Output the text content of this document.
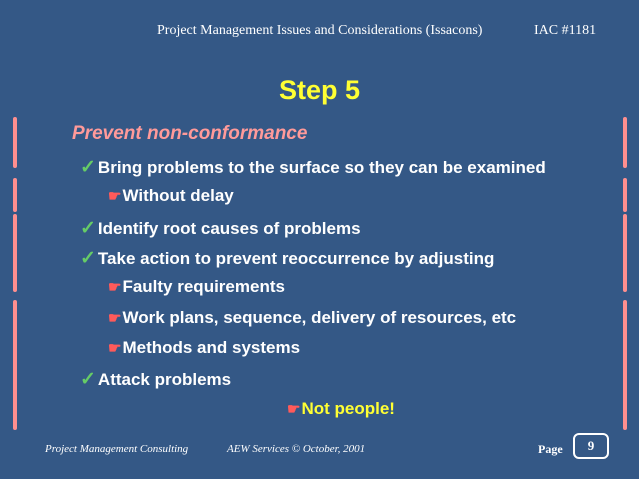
Project Management Issues and Considerations (Issacons)	IAC #1181
Step 5
Prevent non-conformance
✓ Bring problems to the surface so they can be examined
☛Without delay
✓ Identify root causes of problems
✓ Take action to prevent reoccurrence by adjusting
☛Faulty requirements
☛Work plans, sequence, delivery of resources, etc
☛Methods and systems
✓ Attack problems
☛Not people!
Project Management Consulting	AEW Services © October, 2001	Page	9
